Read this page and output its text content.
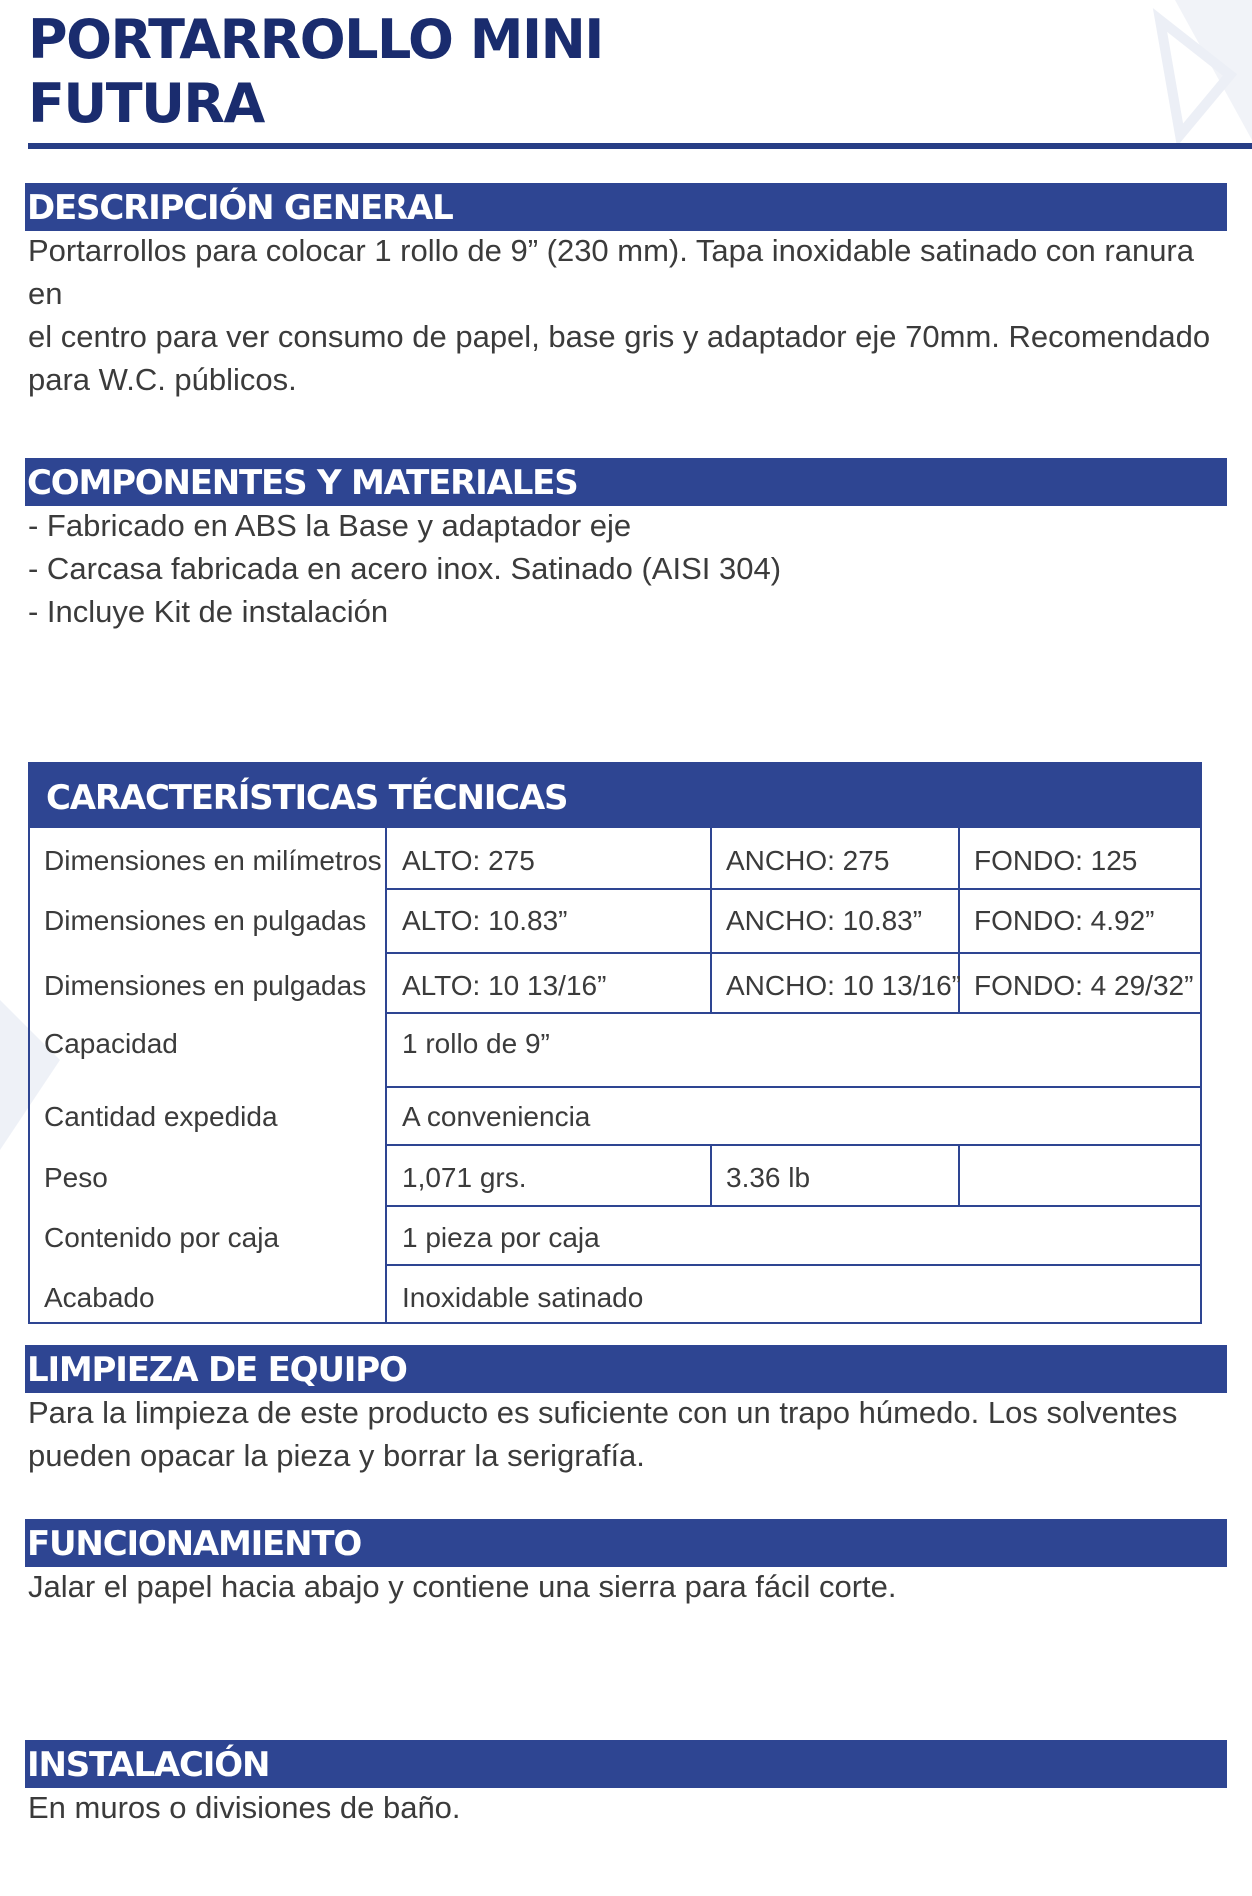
PORTARROLLO MINI
FUTURA
DESCRIPCIÓN GENERAL

Portarrollos para colocar 1 rollo de 9” (230 mm). Tapa inoxidable satinado con ranura en
el centro para ver consumo de papel, base gris y adaptador eje 70mm. Recomendado
para W.C. públicos.

COMPONENTES Y MATERIALES

- Fabricado en ABS la Base y adaptador eje
- Carcasa fabricada en acero inox. Satinado (AISI 304)
- Incluye Kit de instalación

CARACTERÍSTICAS TÉCNICAS
Dimensiones en milímetros ALTO: 275	ANCHO: 275	FONDO: 125
Dimensiones en pulgadas ALTO: 10.83”	ANCHO: 10.83” FONDO: 4.92”
Dimensiones en pulgadas ALTO: 10 13/16”	ANCHO: 10 13/16” FONDO: 4 29/32”
Capacidad	1 rollo de 9”
Cantidad expedida	A conveniencia
Peso	1,071 grs.	3.36 lb
Contenido por caja	1 pieza por caja
Acabado	Inoxidable satinado
LIMPIEZA DE EQUIPO

Para la limpieza de este producto es suficiente con un trapo húmedo. Los solventes
pueden opacar la pieza y borrar la serigrafía.

FUNCIONAMIENTO

Jalar el papel hacia abajo y contiene una sierra para fácil corte.

INSTALACIÓN

En muros o divisiones de baño.
